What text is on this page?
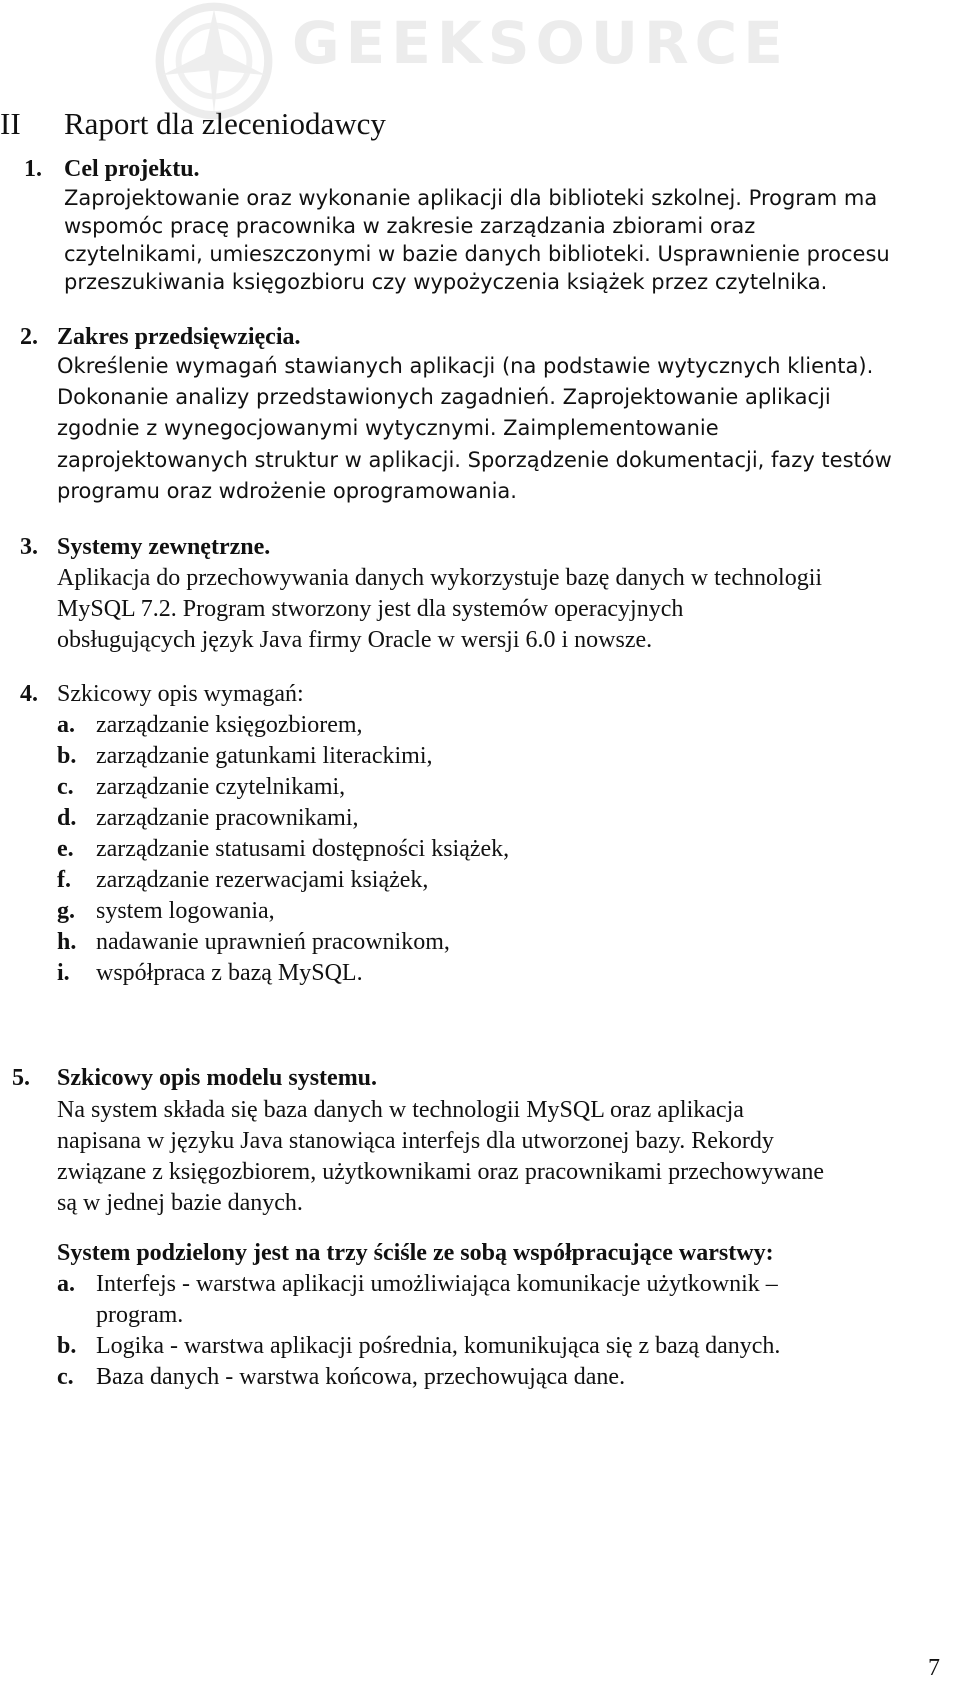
GEEKSOURCE
II Raport dla zleceniodawcy
1. Cel projektu.
Zaprojektowanie oraz wykonanie aplikacji dla biblioteki szkolnej. Program ma
wspomóc pracę pracownika w zakresie zarządzania zbiorami oraz
czytelnikami, umieszczonymi w bazie danych biblioteki. Usprawnienie procesu
przeszukiwania księgozbioru czy wypożyczenia książek przez czytelnika.
2. Zakres przedsięwzięcia.
Określenie wymagań stawianych aplikacji (na podstawie wytycznych klienta).
Dokonanie analizy przedstawionych zagadnień. Zaprojektowanie aplikacji
zgodnie z wynegocjowanymi wytycznymi. Zaimplementowanie
zaprojektowanych struktur w aplikacji. Sporządzenie dokumentacji, fazy testów
programu oraz wdrożenie oprogramowania.
3. Systemy zewnętrzne.
Aplikacja do przechowywania danych wykorzystuje bazę danych w technologii
MySQL 7.2. Program stworzony jest dla systemów operacyjnych
obsługujących język Java firmy Oracle w wersji 6.0 i nowsze.
4. Szkicowy opis wymagań:
a. zarządzanie księgozbiorem,
b. zarządzanie gatunkami literackimi,
c. zarządzanie czytelnikami,
d. zarządzanie pracownikami,
e. zarządzanie statusami dostępności książek,
f. zarządzanie rezerwacjami książek,
g. system logowania,
h. nadawanie uprawnień pracownikom,
i. współpraca z bazą MySQL.
5. Szkicowy opis modelu systemu.
Na system składa się baza danych w technologii MySQL oraz aplikacja
napisana w języku Java stanowiąca interfejs dla utworzonej bazy. Rekordy
związane z księgozbiorem, użytkownikami oraz pracownikami przechowywane
są w jednej bazie danych.
System podzielony jest na trzy ściśle ze sobą współpracujące warstwy:
a. Interfejs - warstwa aplikacji umożliwiająca komunikacje użytkownik –
program.
b. Logika - warstwa aplikacji pośrednia, komunikująca się z bazą danych.
c. Baza danych - warstwa końcowa, przechowująca dane.
7
